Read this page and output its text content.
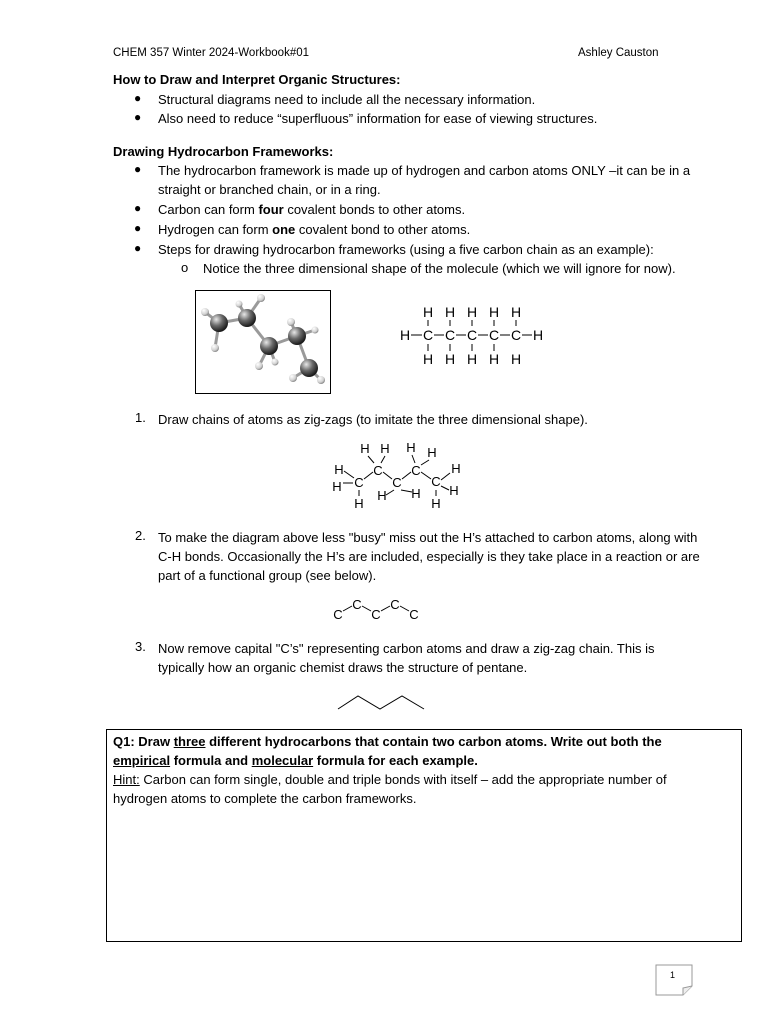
CHEM 357 Winter 2024-Workbook#01	Ashley Causton
How to Draw and Interpret Organic Structures:
● Structural diagrams need to include all the necessary information.
● Also need to reduce “superfluous” information for ease of viewing structures.
Drawing Hydrocarbon Frameworks:
● The hydrocarbon framework is made up of hydrogen and carbon atoms ONLY –it can be in a
straight or branched chain, or in a ring.
● Carbon can form four covalent bonds to other atoms.
● Hydrogen can form one covalent bond to other atoms.
● Steps for drawing hydrocarbon frameworks (using a five carbon chain as an example):
o Notice the three dimensional shape of the molecule (which we will ignore for now).
H H H H H
H C C C C C H
H H H H H
1. Draw chains of atoms as zig-zags (to imitate the three dimensional shape).
H H H H
C C
H	H
H C C C
H
H H
H	H
2. To make the diagram above less "busy" miss out the H’s attached to carbon atoms, along with
C-H bonds. Occasionally the H’s are included, especially is they take place in a reaction or are
part of a functional group (see below).
C
C
C
C
C
3. Now remove capital "C’s" representing carbon atoms and draw a zig-zag chain. This is
typically how an organic chemist draws the structure of pentane.
Q1: Draw three different hydrocarbons that contain two carbon atoms. Write out both the
empirical formula and molecular formula for each example.
Hint: Carbon can form single, double and triple bonds with itself – add the appropriate number of
hydrogen atoms to complete the carbon frameworks.
1
